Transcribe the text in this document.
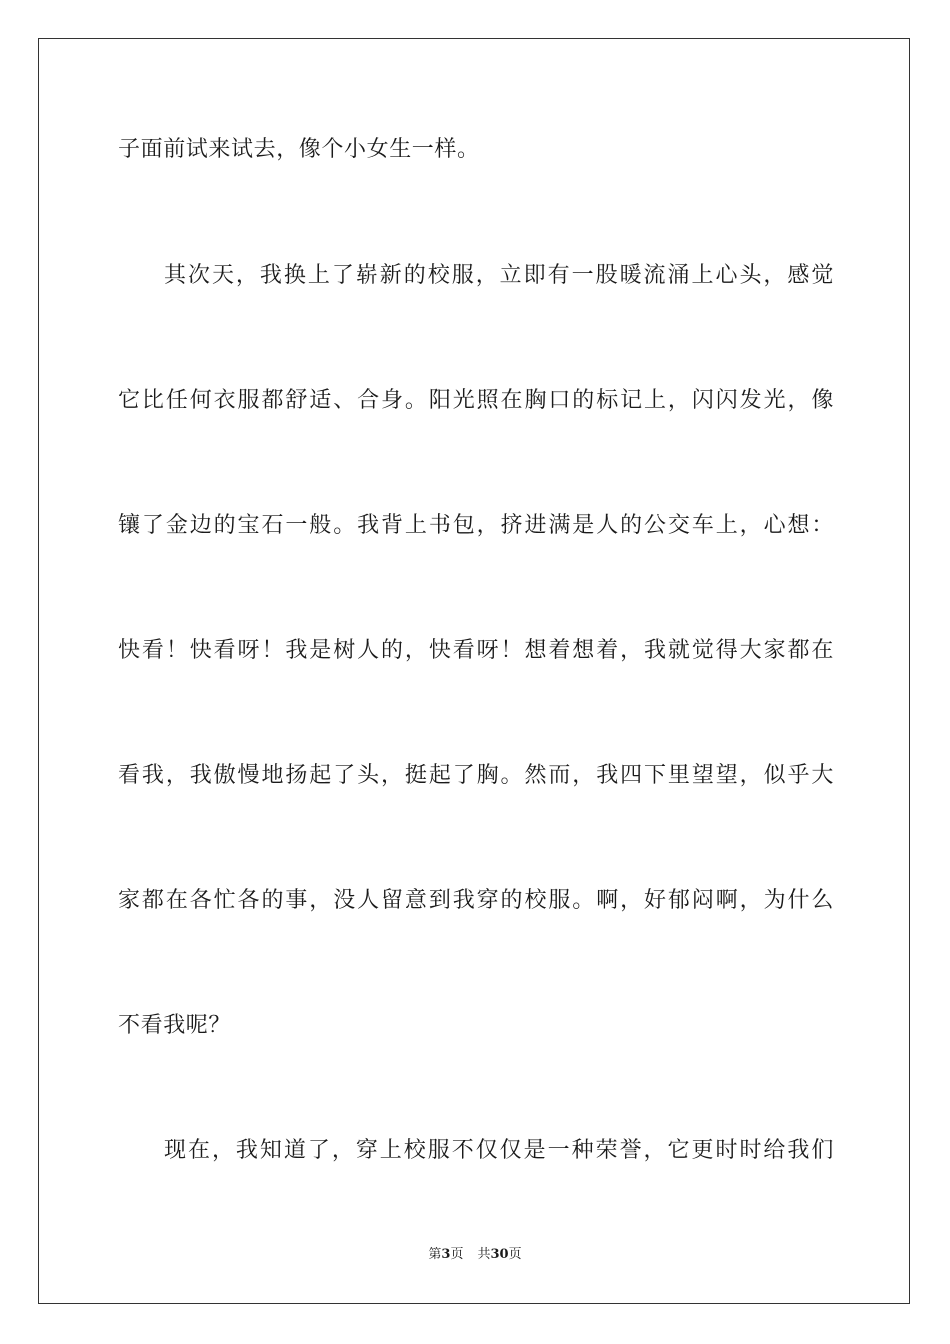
子面前试来试去，像个小女生一样。
其次天，我换上了崭新的校服，立即有一股暖流涌上心头，感觉
它比任何衣服都舒适、合身。阳光照在胸口的标记上，闪闪发光，像
镶了金边的宝石一般。我背上书包，挤进满是人的公交车上，心想：
快看！快看呀！我是树人的，快看呀！想着想着，我就觉得大家都在
看我，我傲慢地扬起了头，挺起了胸。然而，我四下里望望，似乎大
家都在各忙各的事，没人留意到我穿的校服。啊，好郁闷啊，为什么
不看我呢？
现在，我知道了，穿上校服不仅仅是一种荣誉，它更时时给我们
第3页 共30页
